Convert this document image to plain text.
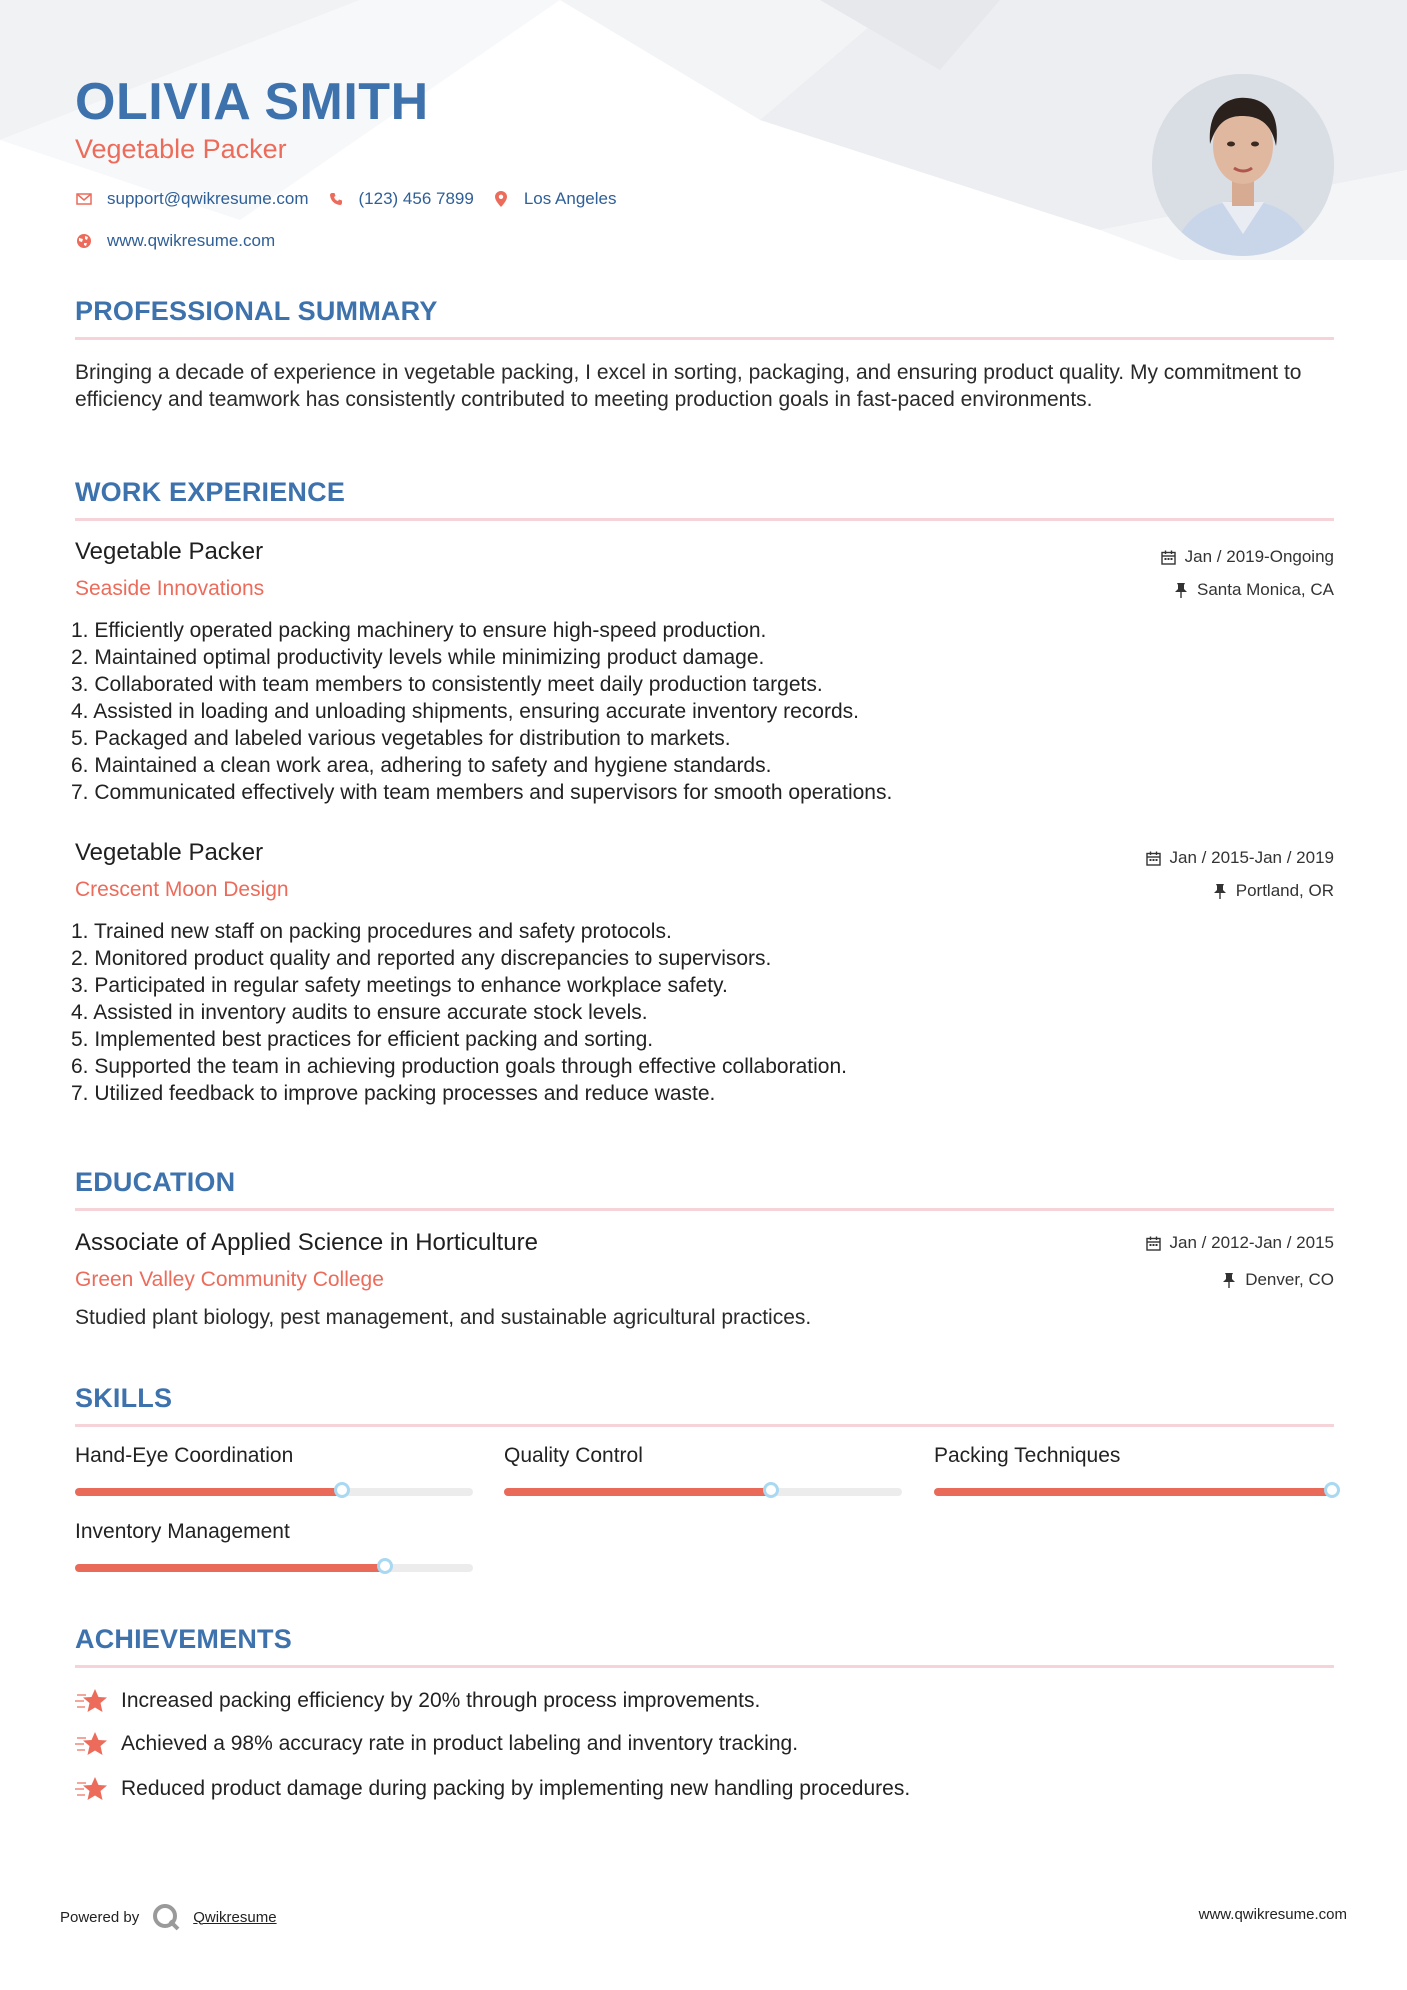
OLIVIA SMITH
Vegetable Packer
support@qwikresume.com	(123) 456 7899	Los Angeles
www.qwikresume.com
PROFESSIONAL SUMMARY
Bringing a decade of experience in vegetable packing, I excel in sorting, packaging, and ensuring product quality. My commitment to efficiency and teamwork has consistently contributed to meeting production goals in fast-paced environments.
WORK EXPERIENCE
Vegetable Packer
Seaside Innovations
Jan / 2019-Ongoing
Santa Monica, CA
1. Efficiently operated packing machinery to ensure high-speed production.
2. Maintained optimal productivity levels while minimizing product damage.
3. Collaborated with team members to consistently meet daily production targets.
4. Assisted in loading and unloading shipments, ensuring accurate inventory records.
5. Packaged and labeled various vegetables for distribution to markets.
6. Maintained a clean work area, adhering to safety and hygiene standards.
7. Communicated effectively with team members and supervisors for smooth operations.
Vegetable Packer
Crescent Moon Design
Jan / 2015-Jan / 2019
Portland, OR
1. Trained new staff on packing procedures and safety protocols.
2. Monitored product quality and reported any discrepancies to supervisors.
3. Participated in regular safety meetings to enhance workplace safety.
4. Assisted in inventory audits to ensure accurate stock levels.
5. Implemented best practices for efficient packing and sorting.
6. Supported the team in achieving production goals through effective collaboration.
7. Utilized feedback to improve packing processes and reduce waste.
EDUCATION
Associate of Applied Science in Horticulture
Green Valley Community College
Jan / 2012-Jan / 2015
Denver, CO
Studied plant biology, pest management, and sustainable agricultural practices.
SKILLS
Hand-Eye Coordination	Quality Control	Packing Techniques
Inventory Management
ACHIEVEMENTS
Increased packing efficiency by 20% through process improvements.
Achieved a 98% accuracy rate in product labeling and inventory tracking.
Reduced product damage during packing by implementing new handling procedures.
Powered by	Qwikresume	www.qwikresume.com
